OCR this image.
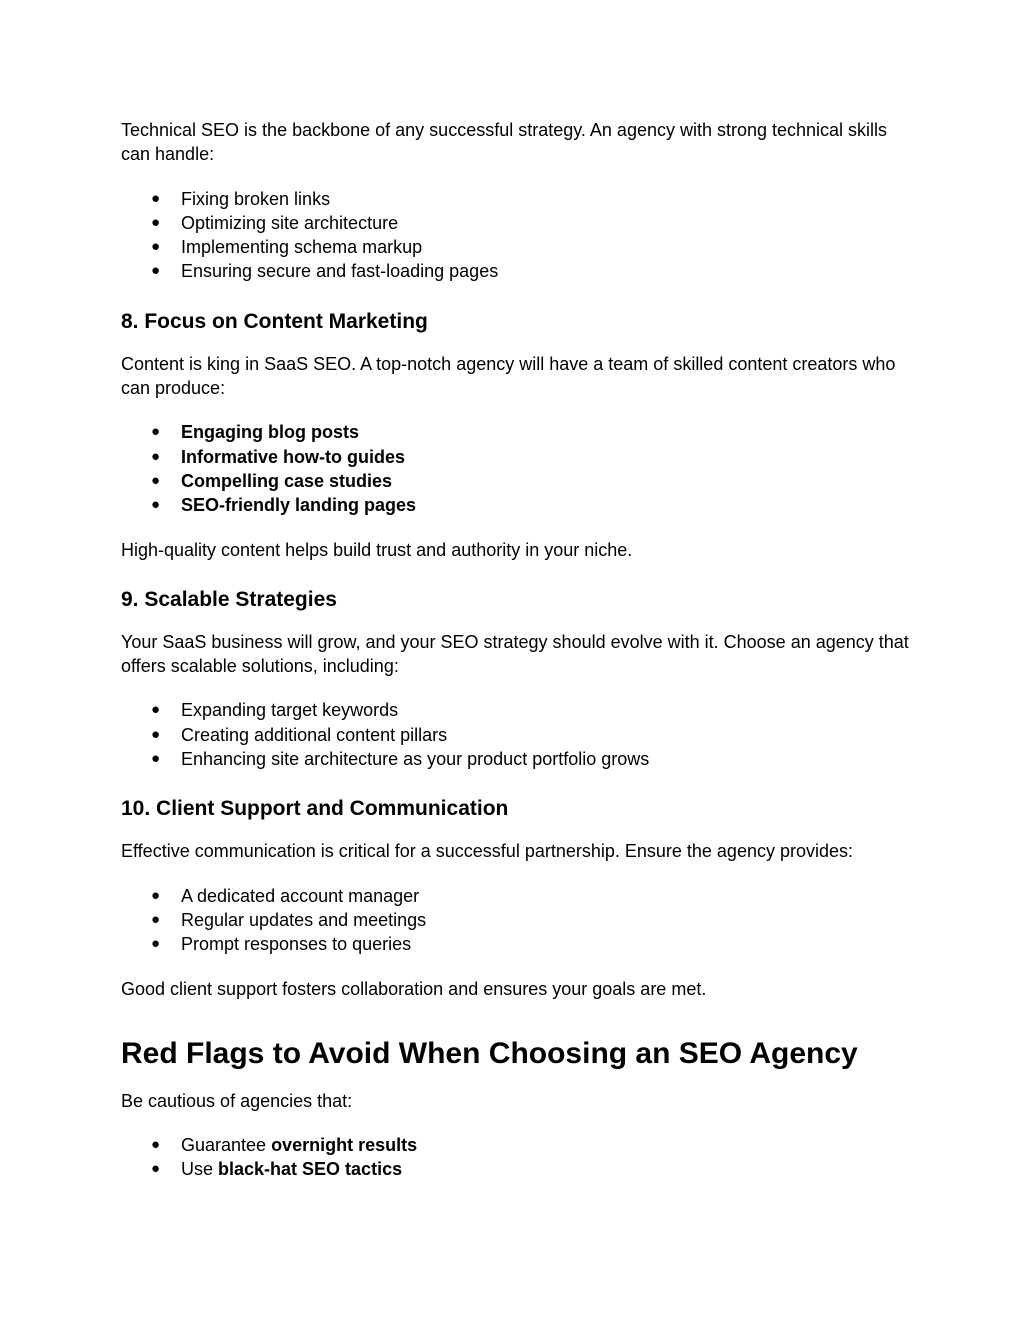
Technical SEO is the backbone of any successful strategy. An agency with strong technical skills can handle:

● Fixing broken links
● Optimizing site architecture
● Implementing schema markup
● Ensuring secure and fast-loading pages
8. Focus on Content Marketing

Content is king in SaaS SEO. A top-notch agency will have a team of skilled content creators who can produce:

● Engaging blog posts
● Informative how-to guides
● Compelling case studies
● SEO-friendly landing pages

High-quality content helps build trust and authority in your niche.

9. Scalable Strategies

Your SaaS business will grow, and your SEO strategy should evolve with it. Choose an agency that offers scalable solutions, including:

● Expanding target keywords
● Creating additional content pillars
● Enhancing site architecture as your product portfolio grows
10. Client Support and Communication

Effective communication is critical for a successful partnership. Ensure the agency provides:

● A dedicated account manager
● Regular updates and meetings
● Prompt responses to queries

Good client support fosters collaboration and ensures your goals are met.

Red Flags to Avoid When Choosing an SEO Agency

Be cautious of agencies that:

● Guarantee overnight results
● Use black-hat SEO tactics
